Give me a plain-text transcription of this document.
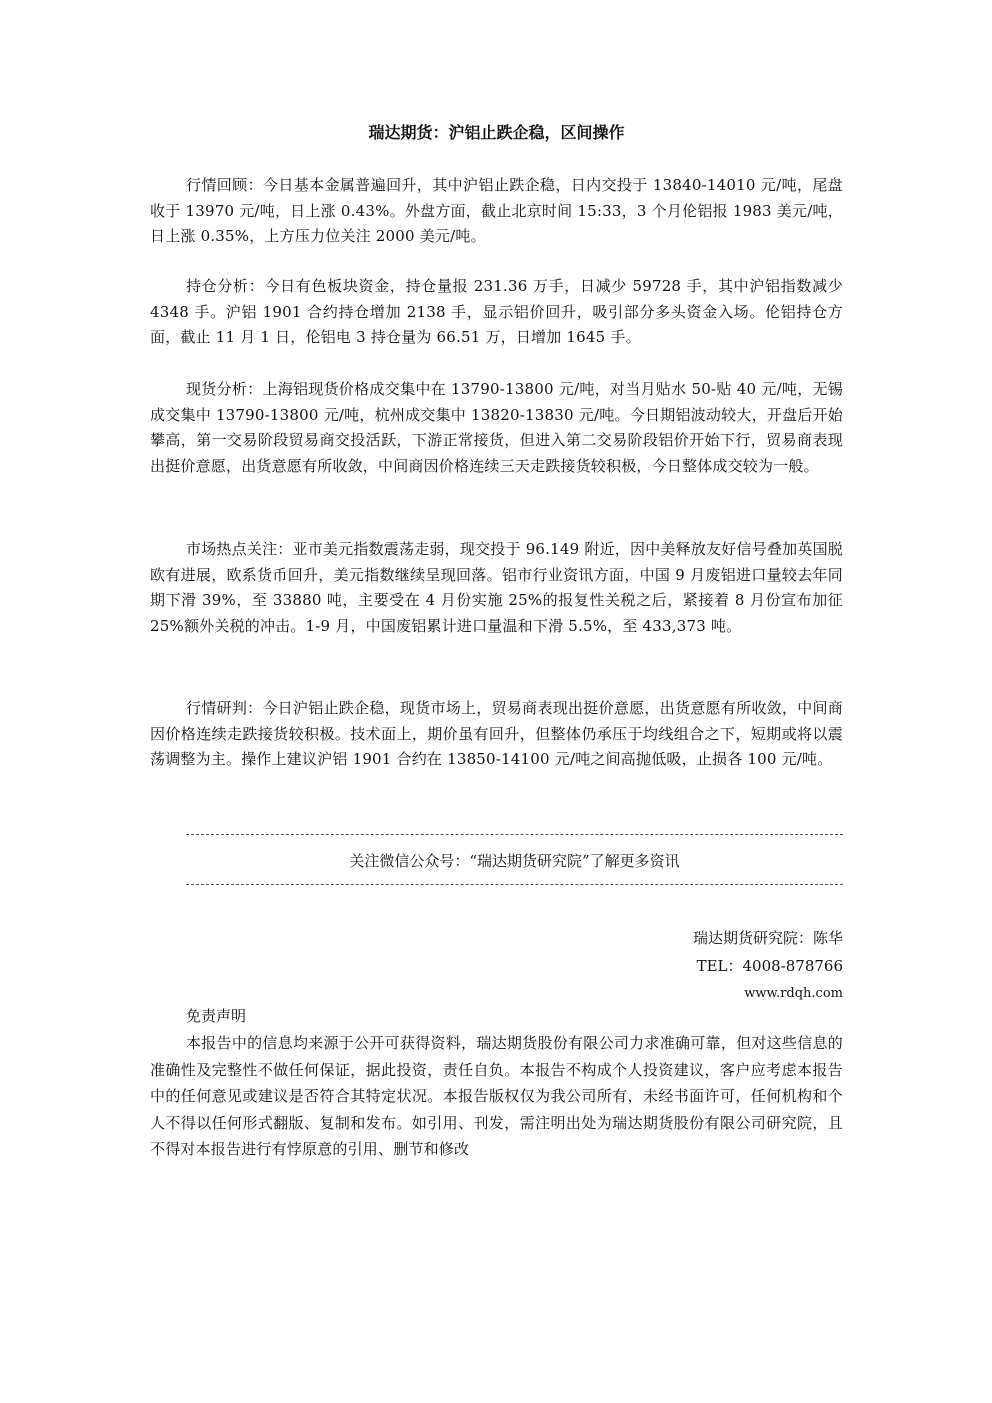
瑞达期货：沪铝止跌企稳，区间操作

行情回顾：今日基本金属普遍回升，其中沪铝止跌企稳，日内交投于 13840-14010 元/吨，尾盘收于 13970 元/吨，日上涨 0.43%。外盘方面，截止北京时间 15:33，3 个月伦铝报 1983 美元/吨，日上涨 0.35%，上方压力位关注 2000 美元/吨。

持仓分析：今日有色板块资金，持仓量报 231.36 万手，日减少 59728 手，其中沪铝指数减少 4348 手。沪铝 1901 合约持仓增加 2138 手，显示铝价回升，吸引部分多头资金入场。伦铝持仓方面，截止 11 月 1 日，伦铝电 3 持仓量为 66.51 万，日增加 1645 手。

现货分析：上海铝现货价格成交集中在 13790-13800 元/吨，对当月贴水 50-贴 40 元/吨，无锡成交集中 13790-13800 元/吨，杭州成交集中 13820-13830 元/吨。今日期铝波动较大，开盘后开始攀高，第一交易阶段贸易商交投活跃，下游正常接货，但进入第二交易阶段铝价开始下行，贸易商表现出挺价意愿，出货意愿有所收敛，中间商因价格连续三天走跌接货较积极，今日整体成交较为一般。

市场热点关注：亚市美元指数震荡走弱，现交投于 96.149 附近，因中美释放友好信号叠加英国脱欧有进展，欧系货币回升，美元指数继续呈现回落。铝市行业资讯方面，中国 9 月废铝进口量较去年同期下滑 39%，至 33880 吨，主要受在 4 月份实施 25%的报复性关税之后，紧接着 8 月份宣布加征 25%额外关税的冲击。1-9 月，中国废铝累计进口量温和下滑 5.5%，至 433,373 吨。

行情研判：今日沪铝止跌企稳，现货市场上，贸易商表现出挺价意愿，出货意愿有所收敛，中间商因价格连续走跌接货较积极。技术面上，期价虽有回升，但整体仍承压于均线组合之下，短期或将以震荡调整为主。操作上建议沪铝 1901 合约在 13850-14100 元/吨之间高抛低吸，止损各 100 元/吨。

关注微信公众号：“瑞达期货研究院”了解更多资讯
瑞达期货研究院：陈华
TEL：4008-878766
www.rdqh.com
免责声明

本报告中的信息均来源于公开可获得资料，瑞达期货股份有限公司力求准确可靠，但对这些信息的准确性及完整性不做任何保证，据此投资，责任自负。本报告不构成个人投资建议，客户应考虑本报告中的任何意见或建议是否符合其特定状况。本报告版权仅为我公司所有，未经书面许可，任何机构和个人不得以任何形式翻版、复制和发布。如引用、刊发，需注明出处为瑞达期货股份有限公司研究院，且不得对本报告进行有悖原意的引用、删节和修改
